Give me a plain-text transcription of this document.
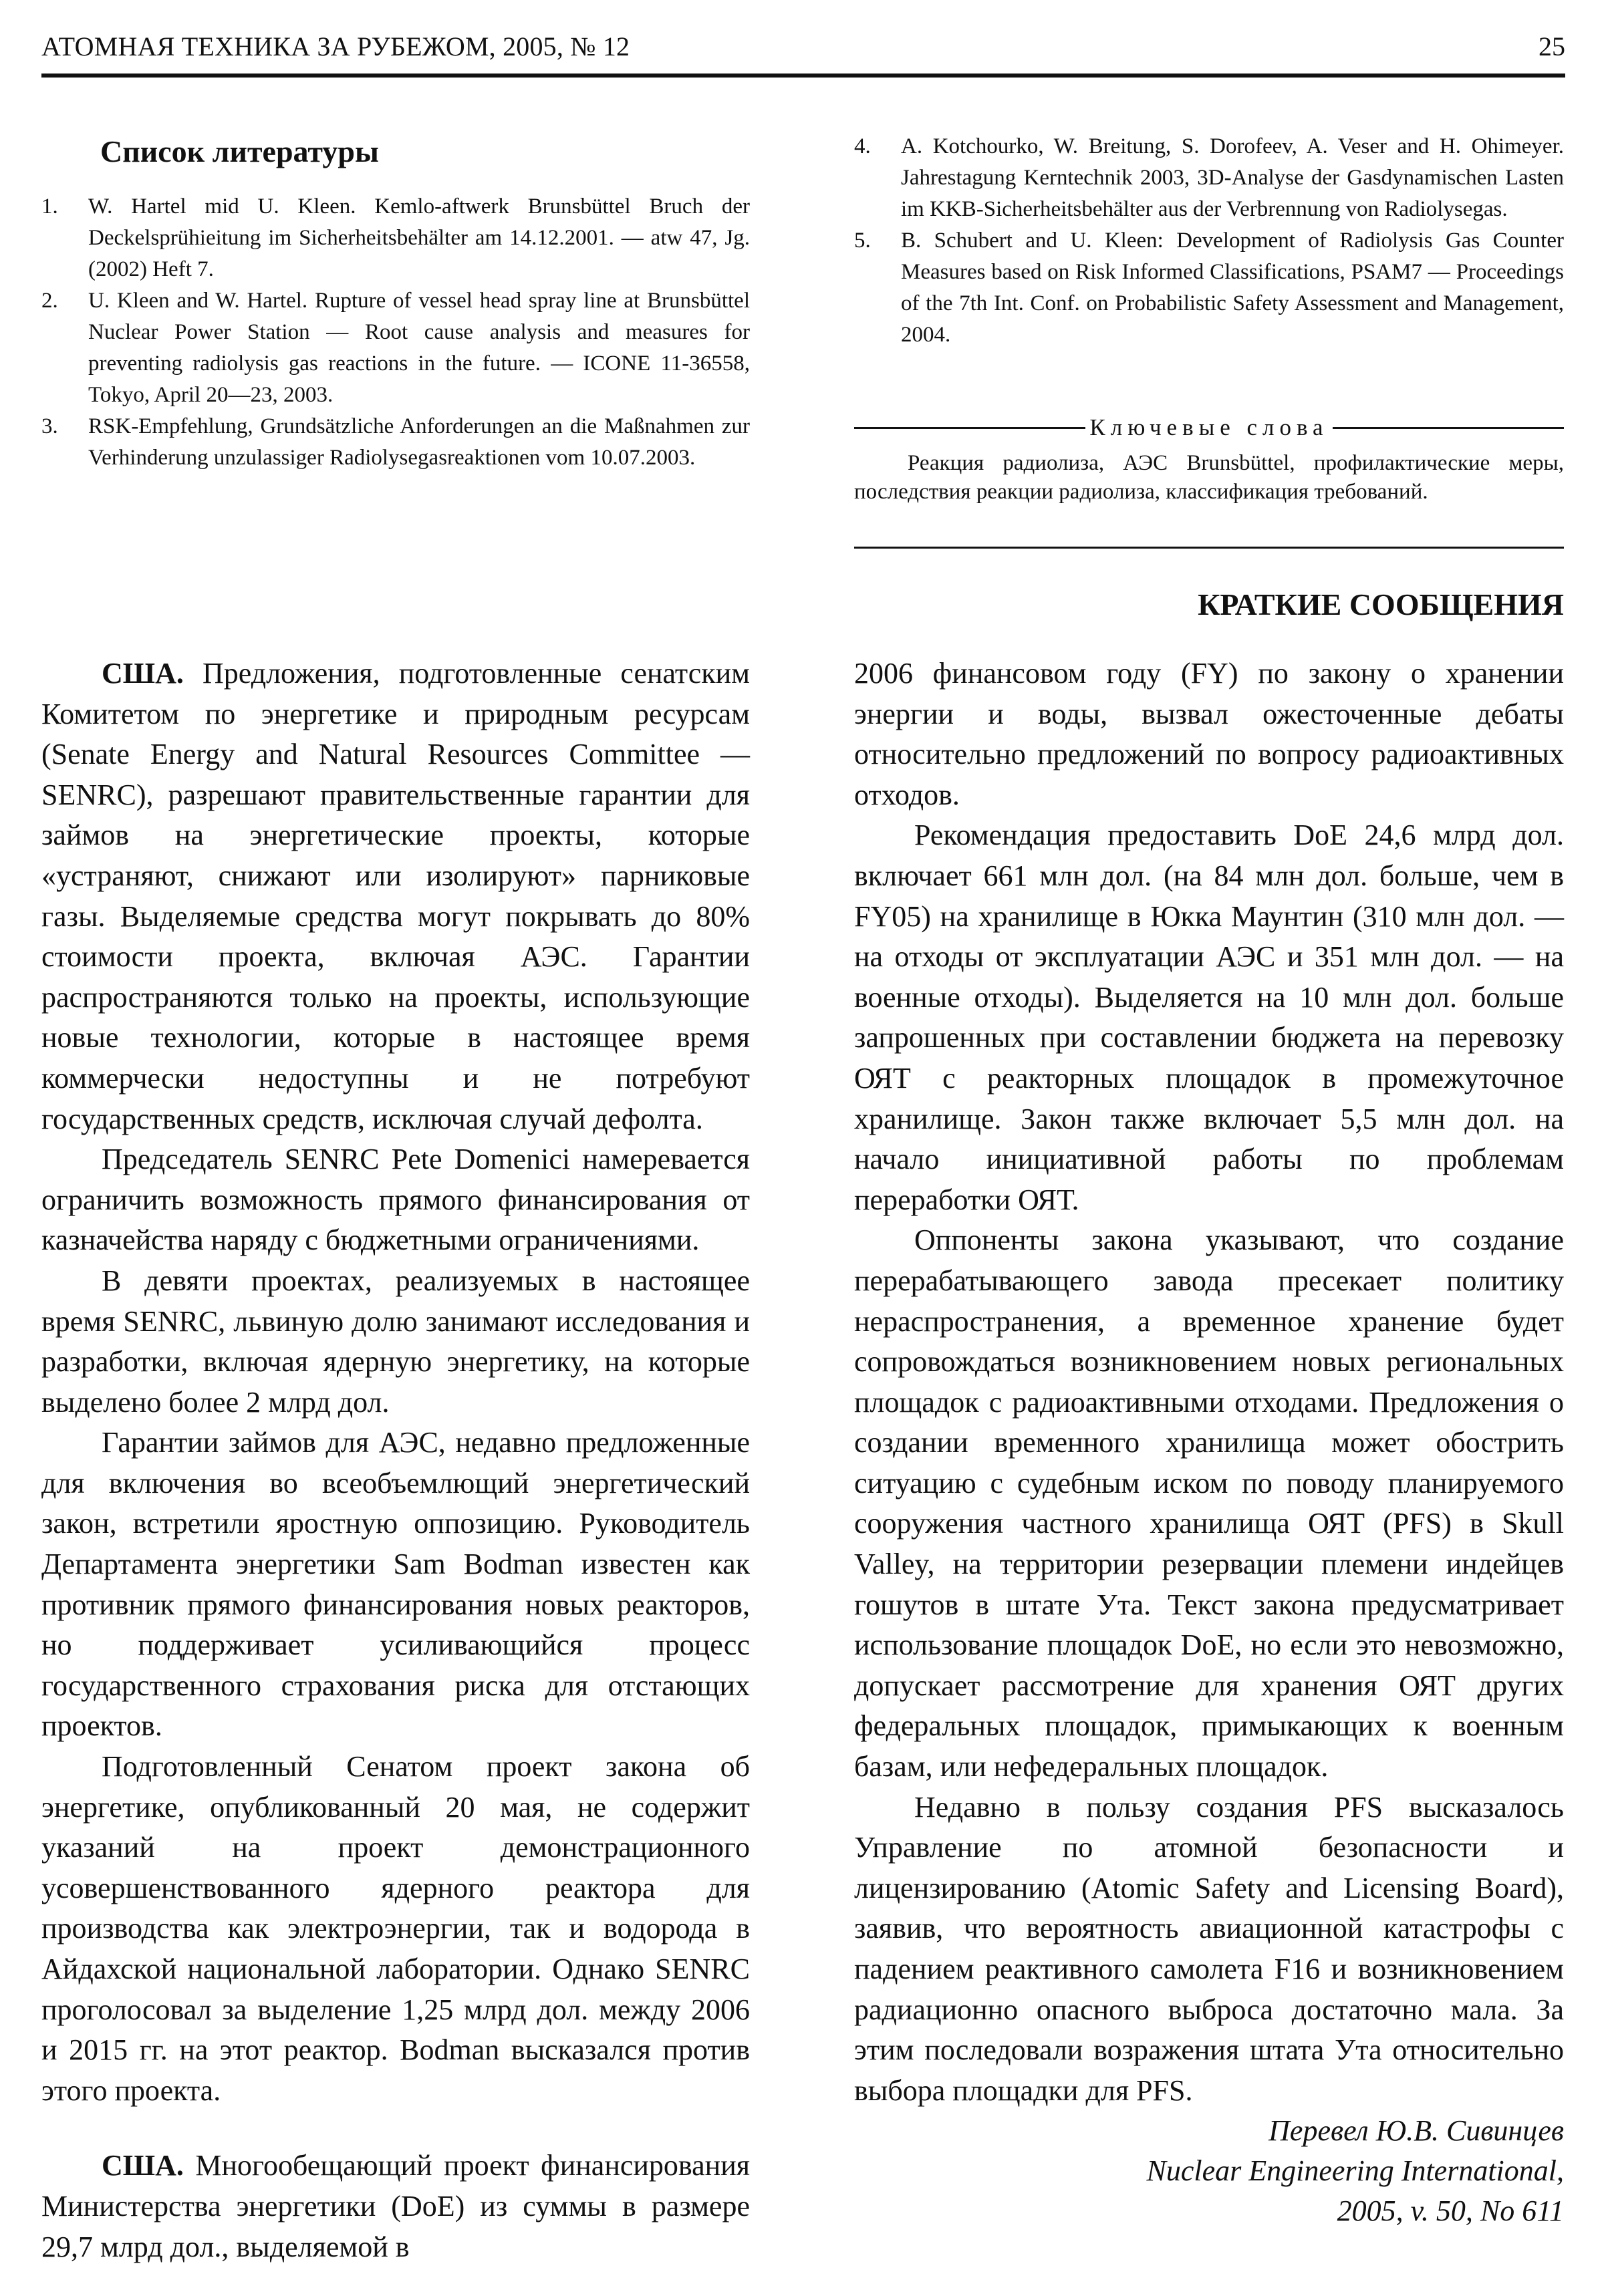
АТОМНАЯ ТЕХНИКА ЗА РУБЕЖОМ, 2005, № 12	25
Список литературы
1.	W. Hartel mid U. Kleen. Kemlo-aftwerk Brunsbüttel Bruch der Deckelsprühieitung im Sicherheitsbehälter am 14.12.2001. — atw 47, Jg. (2002) Heft 7.
2.	U. Kleen and W. Hartel. Rupture of vessel head spray line at Brunsbüttel Nuclear Power Station — Root cause analysis and measures for preventing radiolysis gas reactions in the future. — ICONE 11-36558, Tokyo, April 20—23, 2003.
3.	RSK-Empfehlung, Grundsätzliche Anforderungen an die Maßnahmen zur Verhinderung unzulassiger Radiolysegasreaktionen vom 10.07.2003.
4.	A. Kotchourko, W. Breitung, S. Dorofeev, A. Veser and H. Ohimeyer. Jahrestagung Kerntechnik 2003, 3D-Analyse der Gasdynamischen Lasten im KKB-Sicherheitsbehälter aus der Verbrennung von Radiolysegas.
5.	B. Schubert and U. Kleen: Development of Radiolysis Gas Counter Measures based on Risk Informed Classifications, PSAM7 — Proceedings of the 7th Int. Conf. on Probabilistic Safety Assessment and Management, 2004.
Ключевые слова
Реакция радиолиза, АЭС Brunsbüttel, профилактические меры, последствия реакции радиолиза, классификация требований.
КРАТКИЕ СООБЩЕНИЯ

США. Предложения, подготовленные сенатским Комитетом по энергетике и природным ресурсам (Senate Energy and Natural Resources Committee — SENRC), разрешают правительственные гарантии для займов на энергетические проекты, которые «устраняют, снижают или изолируют» парниковые газы. Выделяемые средства могут покрывать до 80% стоимости проекта, включая АЭС. Гарантии распространяются только на проекты, использующие новые технологии, которые в настоящее время коммерчески недоступны и не потребуют государственных средств, исключая случай дефолта.

Председатель SENRC Pete Domenici намеревается ограничить возможность прямого финансирования от казначейства наряду с бюджетными ограничениями.

В девяти проектах, реализуемых в настоящее время SENRC, львиную долю занимают исследования и разработки, включая ядерную энергетику, на которые выделено более 2 млрд дол.

Гарантии займов для АЭС, недавно предложенные для включения во всеобъемлющий энергетический закон, встретили яростную оппозицию. Руководитель Департамента энергетики Sam Bodman известен как противник прямого финансирования новых реакторов, но поддерживает усиливающийся процесс государственного страхования риска для отстающих проектов.

Подготовленный Сенатом проект закона об энергетике, опубликованный 20 мая, не содержит указаний на проект демонстрационного усовершенствованного ядерного реактора для производства как электроэнергии, так и водорода в Айдахской национальной лаборатории. Однако SENRC проголосовал за выделение 1,25 млрд дол. между 2006 и 2015 гг. на этот реактор. Bodman высказался против этого проекта.

США. Многообещающий проект финансирования Министерства энергетики (DoE) из суммы в размере 29,7 млрд дол., выделяемой в

2006 финансовом году (FY) по закону о хранении энергии и воды, вызвал ожесточенные дебаты относительно предложений по вопросу радиоактивных отходов.

Рекомендация предоставить DoE 24,6 млрд дол. включает 661 млн дол. (на 84 млн дол. больше, чем в FY05) на хранилище в Юкка Маунтин (310 млн дол. — на отходы от эксплуатации АЭС и 351 млн дол. — на военные отходы). Выделяется на 10 млн дол. больше запрошенных при составлении бюджета на перевозку ОЯТ с реакторных площадок в промежуточное хранилище. Закон также включает 5,5 млн дол. на начало инициативной работы по проблемам переработки ОЯТ.

Оппоненты закона указывают, что создание перерабатывающего завода пресекает политику нераспространения, а временное хранение будет сопровождаться возникновением новых региональных площадок с радиоактивными отходами. Предложения о создании временного хранилища может обострить ситуацию с судебным иском по поводу планируемого сооружения частного хранилища ОЯТ (PFS) в Skull Valley, на территории резервации племени индейцев гошутов в штате Ута. Текст закона предусматривает использование площадок DoE, но если это невозможно, допускает рассмотрение для хранения ОЯТ других федеральных площадок, примыкающих к военным базам, или нефедеральных площадок.

Недавно в пользу создания PFS высказалось Управление по атомной безопасности и лицензированию (Atomic Safety and Licensing Board), заявив, что вероятность авиационной катастрофы с падением реактивного самолета F16 и возникновением радиационно опасного выброса достаточно мала. За этим последовали возражения штата Ута относительно выбора площадки для PFS.

Перевел Ю.В. Сивинцев
Nuclear Engineering International,
2005, v. 50, No 611
